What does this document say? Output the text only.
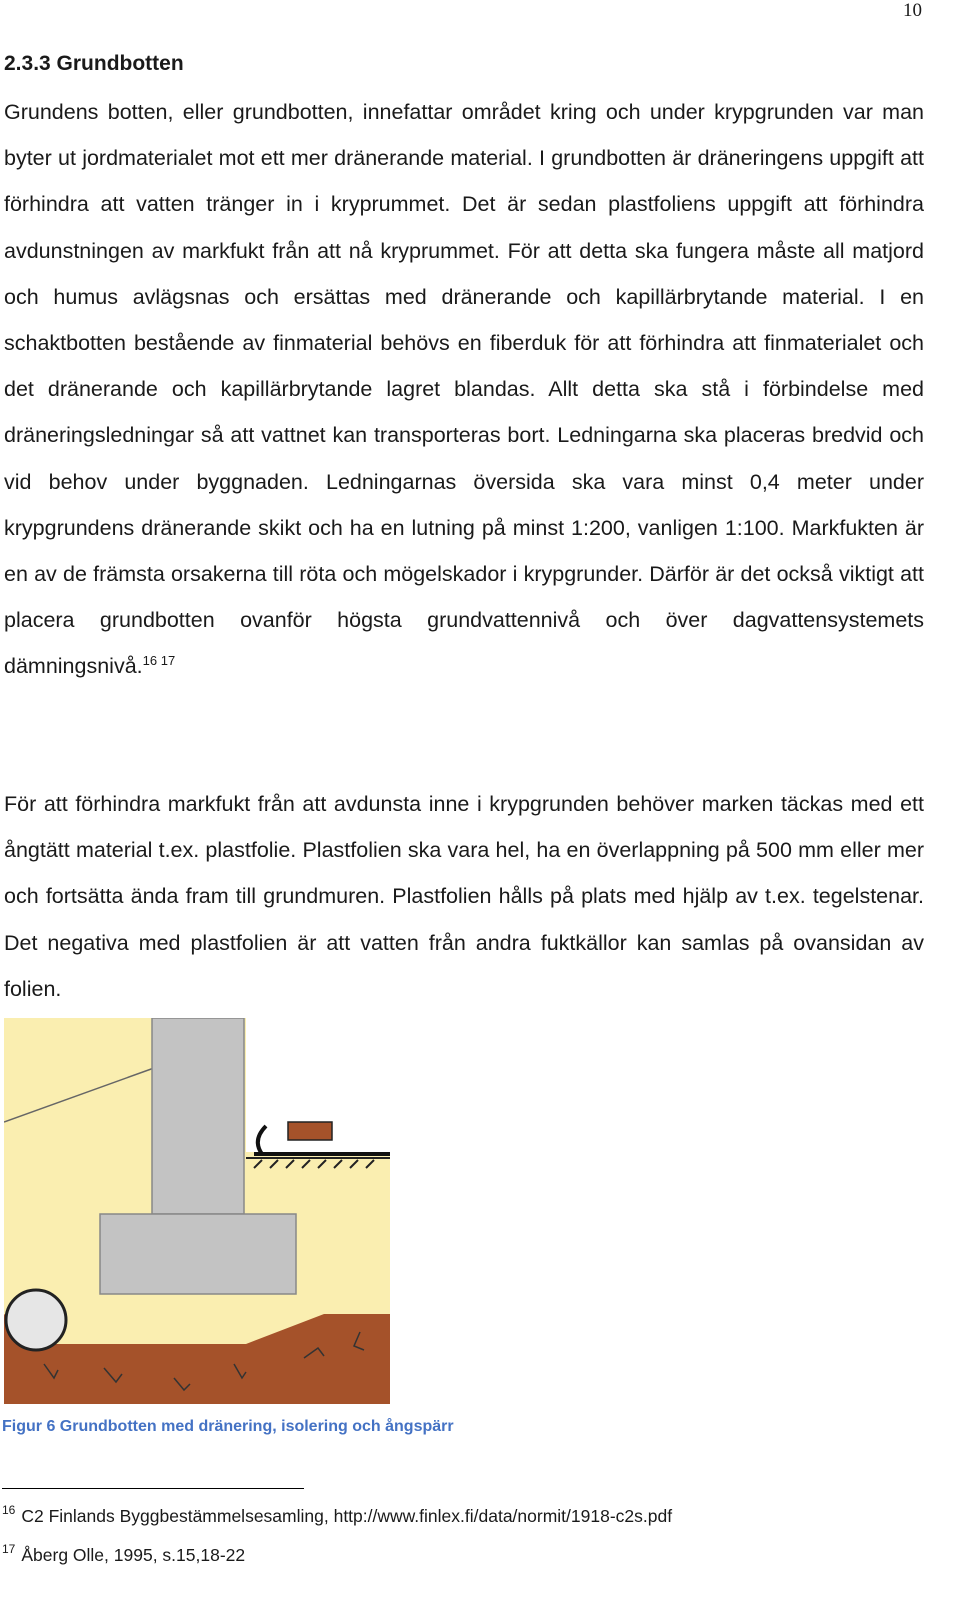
10
2.3.3 Grundbotten

Grundens botten, eller grundbotten, innefattar området kring och under krypgrunden var man byter ut jordmaterialet mot ett mer dränerande material. I grundbotten är dräneringens uppgift att förhindra att vatten tränger in i kryprummet. Det är sedan plastfoliens uppgift att förhindra avdunstningen av markfukt från att nå kryprummet. För att detta ska fungera måste all matjord och humus avlägsnas och ersättas med dränerande och kapillärbrytande material. I en schaktbotten bestående av finmaterial behövs en fiberduk för att förhindra att finmaterialet och det dränerande och kapillärbrytande lagret blandas. Allt detta ska stå i förbindelse med dräneringsledningar så att vattnet kan transporteras bort. Ledningarna ska placeras bredvid och vid behov under byggnaden. Ledningarnas översida ska vara minst 0,4 meter under krypgrundens dränerande skikt och ha en lutning på minst 1:200, vanligen 1:100. Markfukten är en av de främsta orsakerna till röta och mögelskador i krypgrunder. Därför är det också viktigt att placera grundbotten ovanför högsta grundvattennivå och över dagvattensystemets dämningsnivå.$^{16 17}$

För att förhindra markfukt från att avdunsta inne i krypgrunden behöver marken täckas med ett ångtätt material t.ex. plastfolie. Plastfolien ska vara hel, ha en överlappning på 500 mm eller mer och fortsätta ända fram till grundmuren. Plastfolien hålls på plats med hjälp av t.ex. tegelstenar. Det negativa med plastfolien är att vatten från andra fuktkällor kan samlas på ovansidan av folien.

Figur 6 Grundbotten med dränering, isolering och ångspärr
$^{16}$ C2 Finlands Byggbestämmelsesamling, http://www.finlex.fi/data/normit/1918-c2s.pdf
$^{17}$ Åberg Olle, 1995, s.15,18-22
